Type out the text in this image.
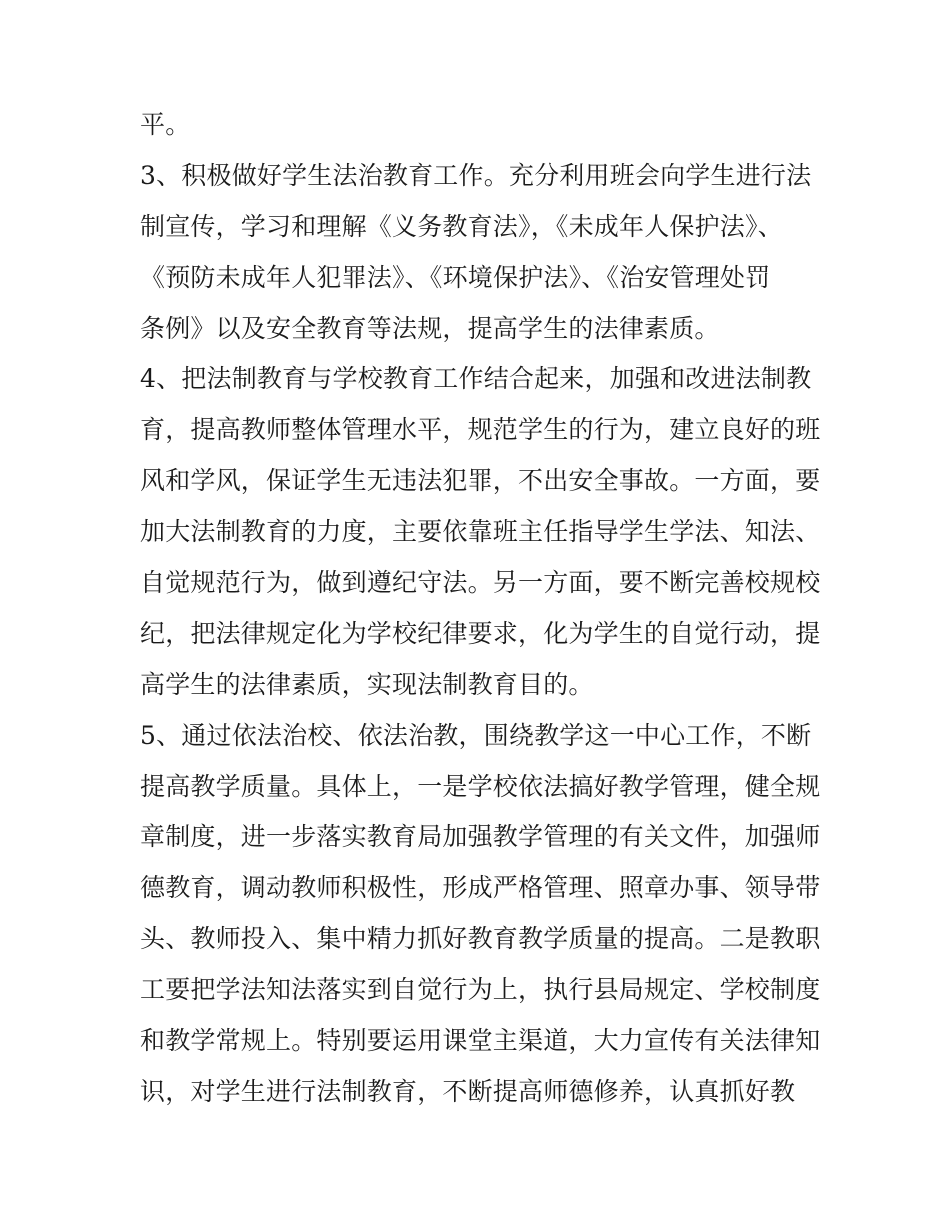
平。
3、积极做好学生法治教育工作。充分利用班会向学生进行法
制宣传，学习和理解《义务教育法》，《未成年人保护法》、
《预防未成年人犯罪法》、《环境保护法》、《治安管理处罚
条例》以及安全教育等法规，提高学生的法律素质。
4、把法制教育与学校教育工作结合起来，加强和改进法制教
育，提高教师整体管理水平，规范学生的行为，建立良好的班
风和学风，保证学生无违法犯罪，不出安全事故。一方面，要
加大法制教育的力度，主要依靠班主任指导学生学法、知法、
自觉规范行为，做到遵纪守法。另一方面，要不断完善校规校
纪，把法律规定化为学校纪律要求，化为学生的自觉行动，提
高学生的法律素质，实现法制教育目的。
5、通过依法治校、依法治教，围绕教学这一中心工作，不断
提高教学质量。具体上，一是学校依法搞好教学管理，健全规
章制度，进一步落实教育局加强教学管理的有关文件，加强师
德教育，调动教师积极性，形成严格管理、照章办事、领导带
头、教师投入、集中精力抓好教育教学质量的提高。二是教职
工要把学法知法落实到自觉行为上，执行县局规定、学校制度
和教学常规上。特别要运用课堂主渠道，大力宣传有关法律知
识，对学生进行法制教育，不断提高师德修养，认真抓好教
